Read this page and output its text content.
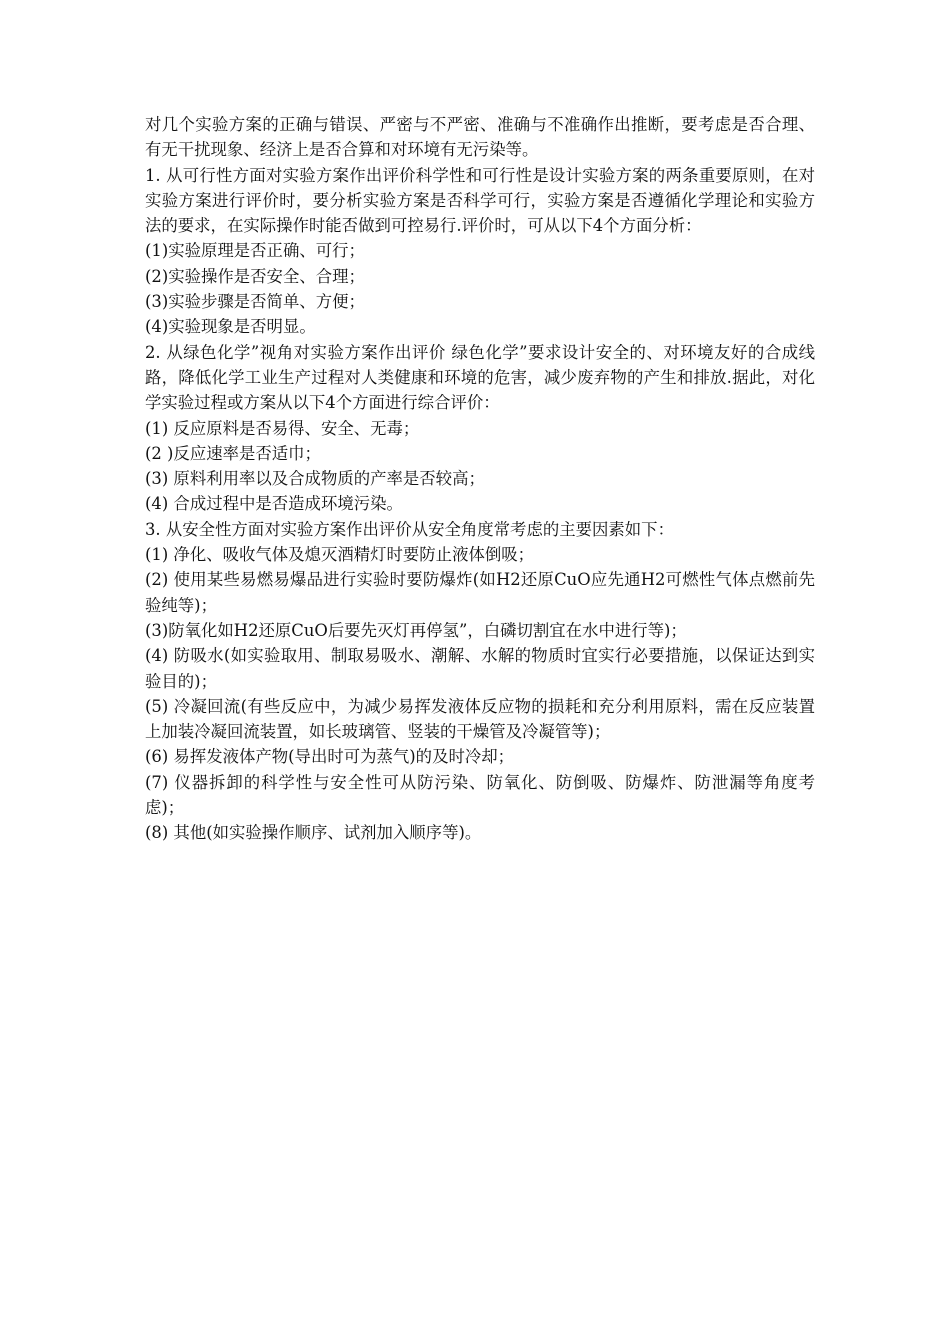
对几个实验方案的正确与错误、严密与不严密、准确与不准确作出推断，要考虑是否合理、有无干扰现象、经济上是否合算和对环境有无污染等。

1. 从可行性方面对实验方案作出评价科学性和可行性是设计实验方案的两条重要原则，在对实验方案进行评价时，要分析实验方案是否科学可行，实验方案是否遵循化学理论和实验方法的要求，在实际操作时能否做到可控易行.评价时，可从以下4个方面分析：

(1)实验原理是否正确、可行；

(2)实验操作是否安全、合理；

(3)实验步骤是否简单、方便；

(4)实验现象是否明显。

2. 从绿色化学”视角对实验方案作出评价 绿色化学”要求设计安全的、对环境友好的合成线路，降低化学工业生产过程对人类健康和环境的危害，减少废弃物的产生和排放.据此，对化学实验过程或方案从以下4个方面进行综合评价：

(1) 反应原料是否易得、安全、无毒；

(2 )反应速率是否适巾；

(3) 原料利用率以及合成物质的产率是否较高；

(4) 合成过程中是否造成环境污染。

3. 从安全性方面对实验方案作出评价从安全角度常考虑的主要因素如下：

(1) 净化、吸收气体及熄灭酒精灯时要防止液体倒吸；

(2) 使用某些易燃易爆品进行实验时要防爆炸(如H2还原CuO应先通H2可燃性气体点燃前先验纯等)；

(3)防氧化如H2还原CuO后要先灭灯再停氢”，白磷切割宜在水中进行等)；

(4) 防吸水(如实验取用、制取易吸水、潮解、水解的物质时宜实行必要措施，以保证达到实验目的)；

(5) 冷凝回流(有些反应中，为减少易挥发液体反应物的损耗和充分利用原料，需在反应装置上加装冷凝回流装置，如长玻璃管、竖装的干燥管及冷凝管等)；

(6) 易挥发液体产物(导出时可为蒸气)的及时冷却；

(7) 仪器拆卸的科学性与安全性可从防污染、防氧化、防倒吸、防爆炸、防泄漏等角度考虑)；

(8) 其他(如实验操作顺序、试剂加入顺序等)。
